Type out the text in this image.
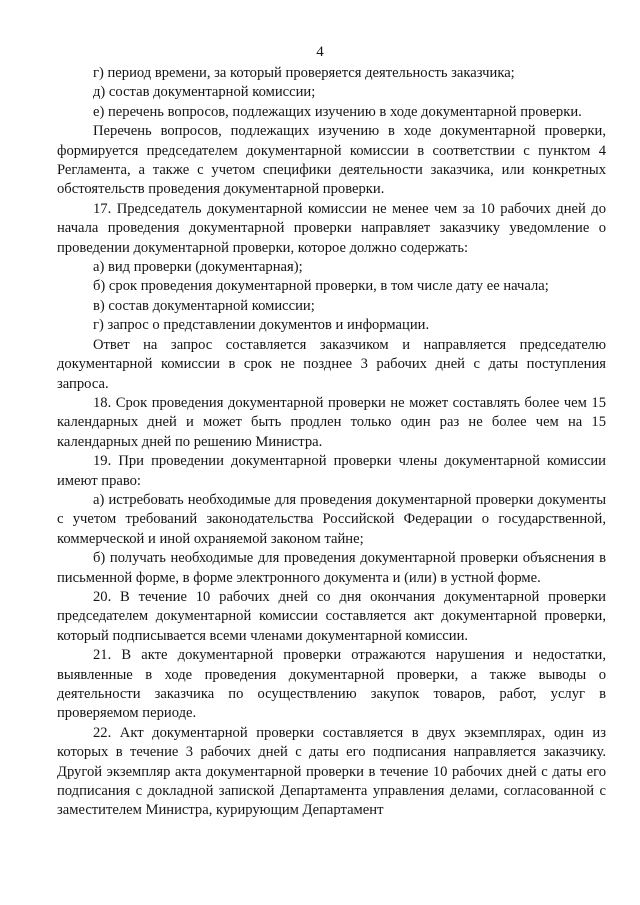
4

г) период времени, за который проверяется деятельность заказчика;

д) состав документарной комиссии;

е) перечень вопросов, подлежащих изучению в ходе документарной проверки.

Перечень вопросов, подлежащих изучению в ходе документарной проверки, формируется председателем документарной комиссии в соответствии с пунктом 4 Регламента, а также с учетом специфики деятельности заказчика, или конкретных обстоятельств проведения документарной проверки.

17. Председатель документарной комиссии не менее чем за 10 рабочих дней до начала проведения документарной проверки направляет заказчику уведомление о проведении документарной проверки, которое должно содержать:

а) вид проверки (документарная);

б) срок проведения документарной проверки, в том числе дату ее начала;

в) состав документарной комиссии;

г) запрос о представлении документов и информации.

Ответ на запрос составляется заказчиком и направляется председателю документарной комиссии в срок не позднее 3 рабочих дней с даты поступления запроса.

18. Срок проведения документарной проверки не может составлять более чем 15 календарных дней и может быть продлен только один раз не более чем на 15 календарных дней по решению Министра.

19. При проведении документарной проверки члены документарной комиссии имеют право:

а) истребовать необходимые для проведения документарной проверки документы с учетом требований законодательства Российской Федерации о государственной, коммерческой и иной охраняемой законом тайне;

б) получать необходимые для проведения документарной проверки объяснения в письменной форме, в форме электронного документа и (или) в устной форме.

20. В течение 10 рабочих дней со дня окончания документарной проверки председателем документарной комиссии составляется акт документарной проверки, который подписывается всеми членами документарной комиссии.

21. В акте документарной проверки отражаются нарушения и недостатки, выявленные в ходе проведения документарной проверки, а также выводы о деятельности заказчика по осуществлению закупок товаров, работ, услуг в проверяемом периоде.

22. Акт документарной проверки составляется в двух экземплярах, один из которых в течение 3 рабочих дней с даты его подписания направляется заказчику. Другой экземпляр акта документарной проверки в течение 10 рабочих дней с даты его подписания с докладной запиской Департамента управления делами, согласованной с заместителем Министра, курирующим Департамент
